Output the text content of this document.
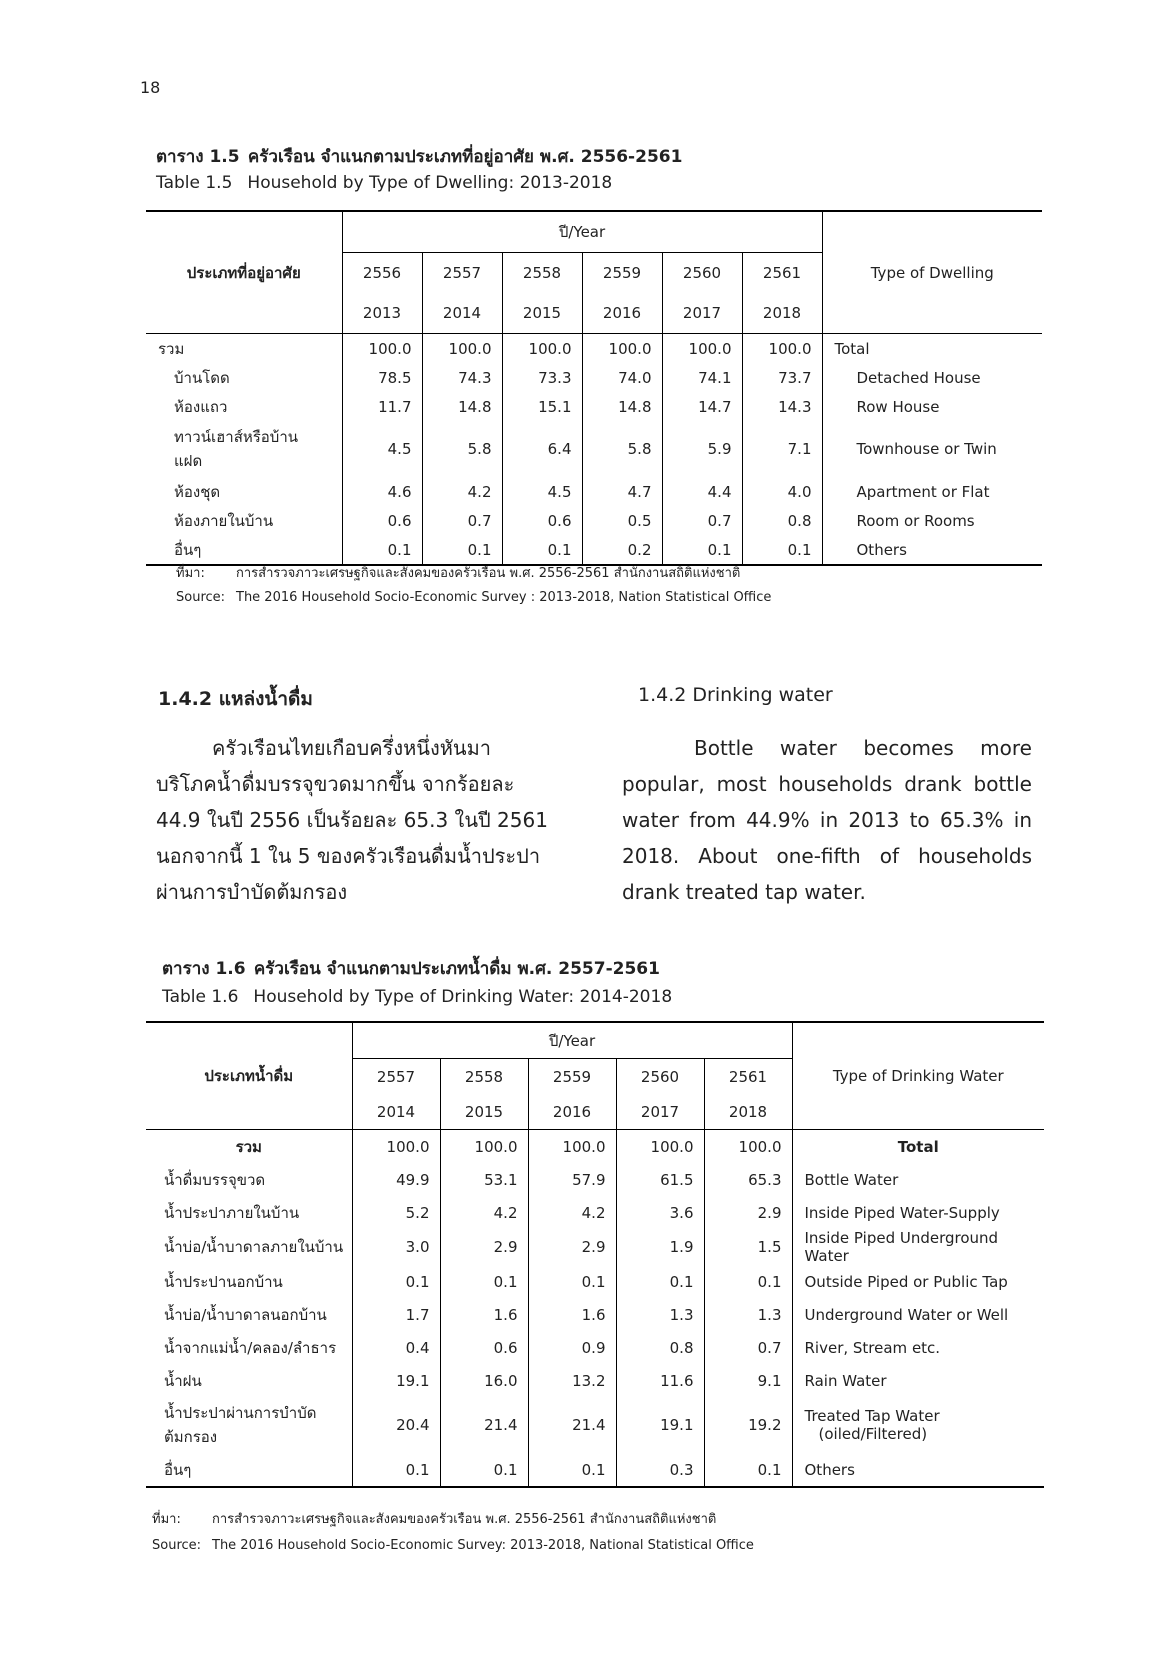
18
ตาราง 1.5 ครัวเรือน จำแนกตามประเภทที่อยู่อาศัย พ.ศ. 2556-2561
Table 1.5 Household by Type of Dwelling: 2013-2018
ประเภทที่อยู่อาศัย	ปี/Year						Type of Dwelling
	2556	2557	2558	2559	2560	2561	
	2013	2014	2015	2016	2017	2018	
รวม	100.0	100.0	100.0	100.0	100.0	100.0	Total
บ้านโดด	78.5	74.3	73.3	74.0	74.1	73.7	Detached House
ห้องแถว	11.7	14.8	15.1	14.8	14.7	14.3	Row House
ทาวน์เฮาส์หรือบ้าน
แฝด	4.5	5.8	6.4	5.8	5.9	7.1	Townhouse or Twin
ห้องชุด	4.6	4.2	4.5	4.7	4.4	4.0	Apartment or Flat
ห้องภายในบ้าน	0.6	0.7	0.6	0.5	0.7	0.8	Room or Rooms
อื่นๆ	0.1	0.1	0.1	0.2	0.1	0.1	Others
ที่มา: การสำรวจภาวะเศรษฐกิจและสังคมของครัวเรือน พ.ศ. 2556-2561 สำนักงานสถิติแห่งชาติ
Source: The 2016 Household Socio-Economic Survey : 2013-2018, Nation Statistical Office
1.4.2 แหล่งน้ำดื่ม	1.4.2 Drinking water
ครัวเรือนไทยเกือบครึ่งหนึ่งหันมา
บริโภคน้ำดื่มบรรจุขวดมากขึ้น จากร้อยละ 44.9 ในปี 2556 เป็นร้อยละ 65.3 ในปี 2561 นอกจากนี้ 1 ใน 5 ของครัวเรือนดื่มน้ำประปาผ่านการบำบัดต้มกรอง
Bottle water becomes more
popular, most households drank bottle water from 44.9% in 2013 to 65.3% in 2018. About one-fifth of households drank treated tap water.
ตาราง 1.6 ครัวเรือน จำแนกตามประเภทน้ำดื่ม พ.ศ. 2557-2561
Table 1.6 Household by Type of Drinking Water: 2014-2018
ประเภทน้ำดื่ม	ปี/Year					Type of Drinking Water
	2557	2558	2559	2560	2561	
	2014	2015	2016	2017	2018	
รวม	100.0	100.0	100.0	100.0	100.0	Total
น้ำดื่มบรรจุขวด	49.9	53.1	57.9	61.5	65.3	Bottle Water
น้ำประปาภายในบ้าน	5.2	4.2	4.2	3.6	2.9	Inside Piped Water-Supply
น้ำบ่อ/น้ำบาดาลภายในบ้าน	3.0	2.9	2.9	1.9	1.5	Inside Piped Underground Water
น้ำประปานอกบ้าน	0.1	0.1	0.1	0.1	0.1	Outside Piped or Public Tap
น้ำบ่อ/น้ำบาดาลนอกบ้าน	1.7	1.6	1.6	1.3	1.3	Underground Water or Well
น้ำจากแม่น้ำ/คลอง/ลำธาร	0.4	0.6	0.9	0.8	0.7	River, Stream etc.
น้ำฝน	19.1	16.0	13.2	11.6	9.1	Rain Water
น้ำประปาผ่านการบำบัด
ต้มกรอง	20.4	21.4	21.4	19.1	19.2	Treated Tap Water
(oiled/Filtered)
อื่นๆ	0.1	0.1	0.1	0.3	0.1	Others
ที่มา: การสำรวจภาวะเศรษฐกิจและสังคมของครัวเรือน พ.ศ. 2556-2561 สำนักงานสถิติแห่งชาติ
Source: The 2016 Household Socio-Economic Survey: 2013-2018, National Statistical Office
